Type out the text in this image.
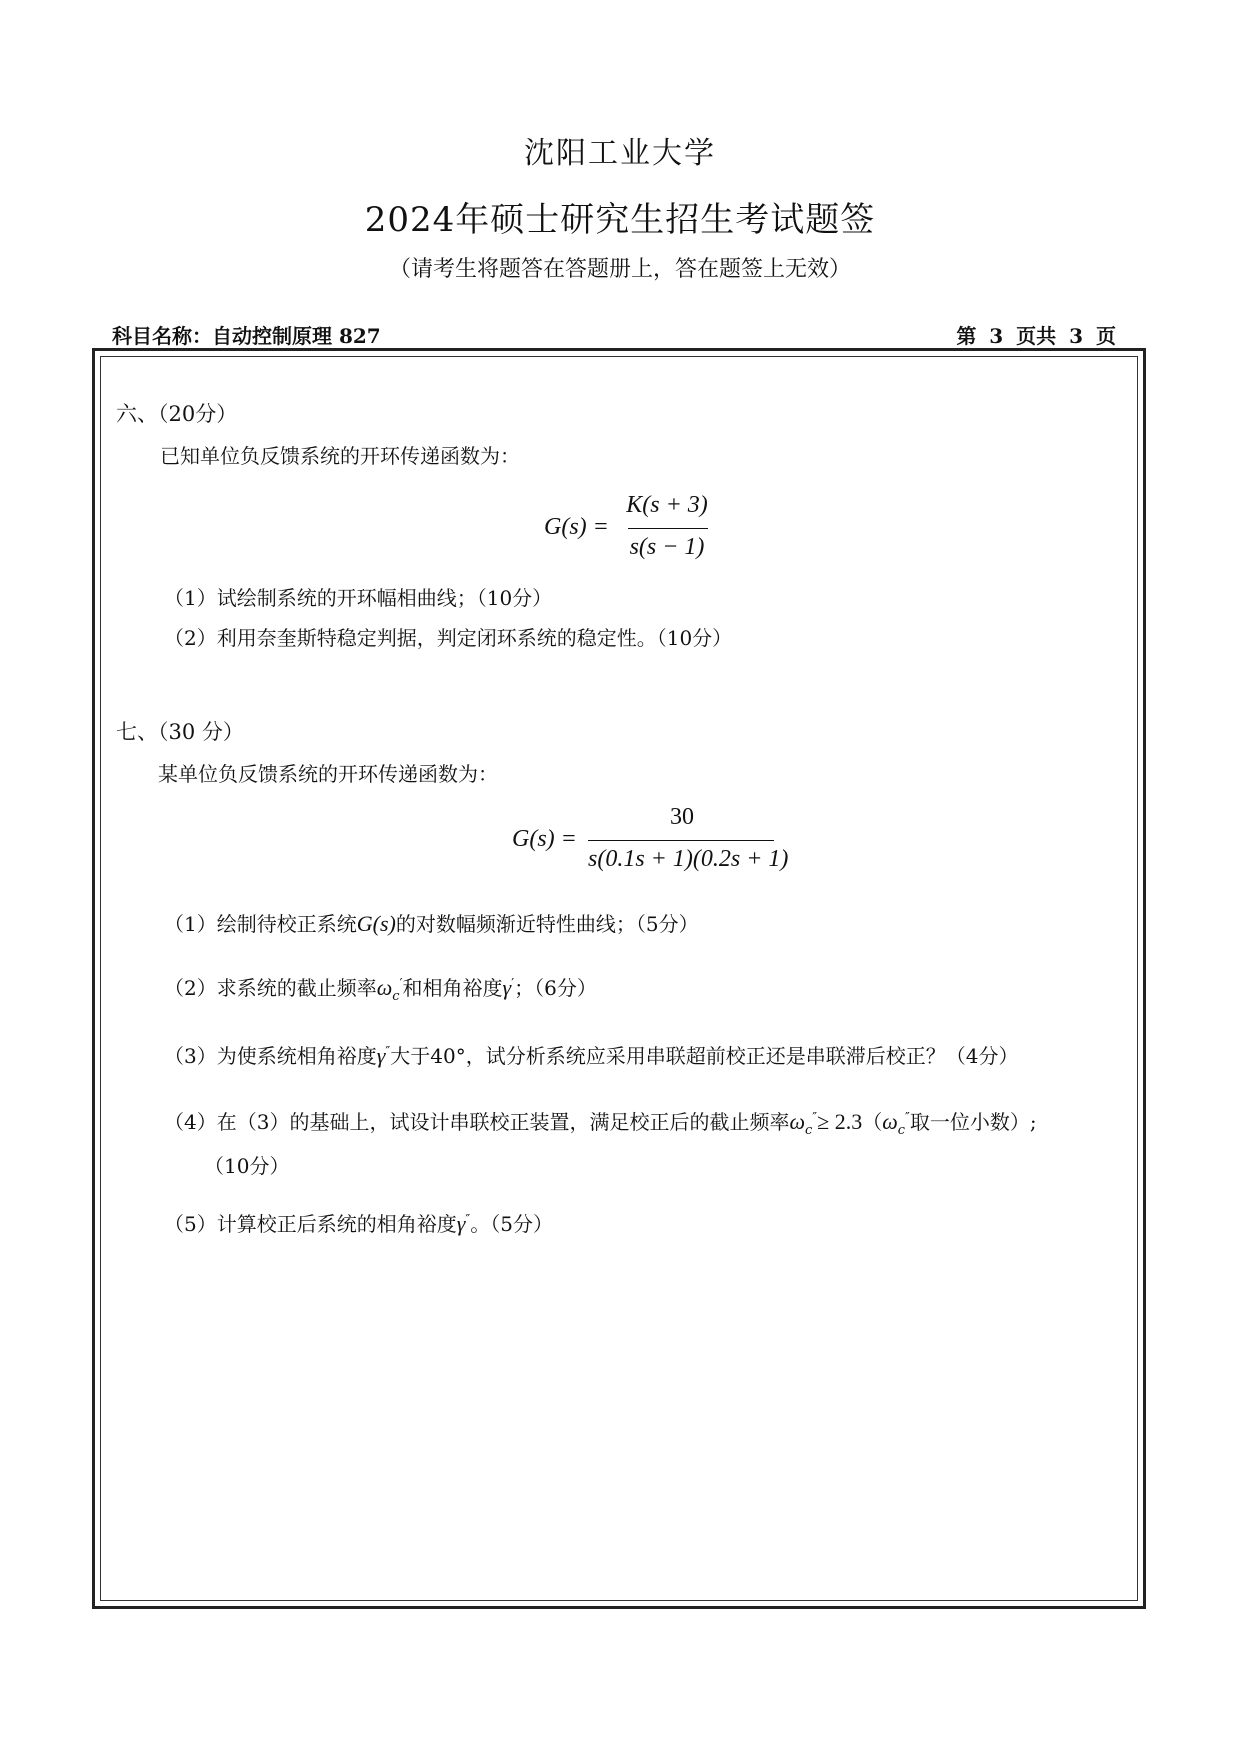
沈阳工业大学
2024年硕士研究生招生考试题签
（请考生将题答在答题册上，答在题签上无效）
科目名称：自动控制原理 827	第 3 页共 3 页
六、（20分）
已知单位负反馈系统的开环传递函数为：
G(s) =
K(s + 3)
s(s − 1)
（1）试绘制系统的开环幅相曲线；（10分）
（2）利用奈奎斯特稳定判据，判定闭环系统的稳定性。（10分）
七、（30 分）
某单位负反馈系统的开环传递函数为：
G(s) =
30
s(0.1s + 1)(0.2s + 1)
（1）绘制待校正系统G(s)的对数幅频渐近特性曲线；（5分）
（2）求系统的截止频率$\omega_c'$和相角裕度γ′；（6分）
（3）为使系统相角裕度γ″大于40°，试分析系统应采用串联超前校正还是串联滞后校正？（4分）
（4）在（3）的基础上，试设计串联校正装置，满足校正后的截止频率$\omega_c''\ge 2.3(\omega_c''$取一位小数）;
（10分）
（5）计算校正后系统的相角裕度γ″。（5分）
